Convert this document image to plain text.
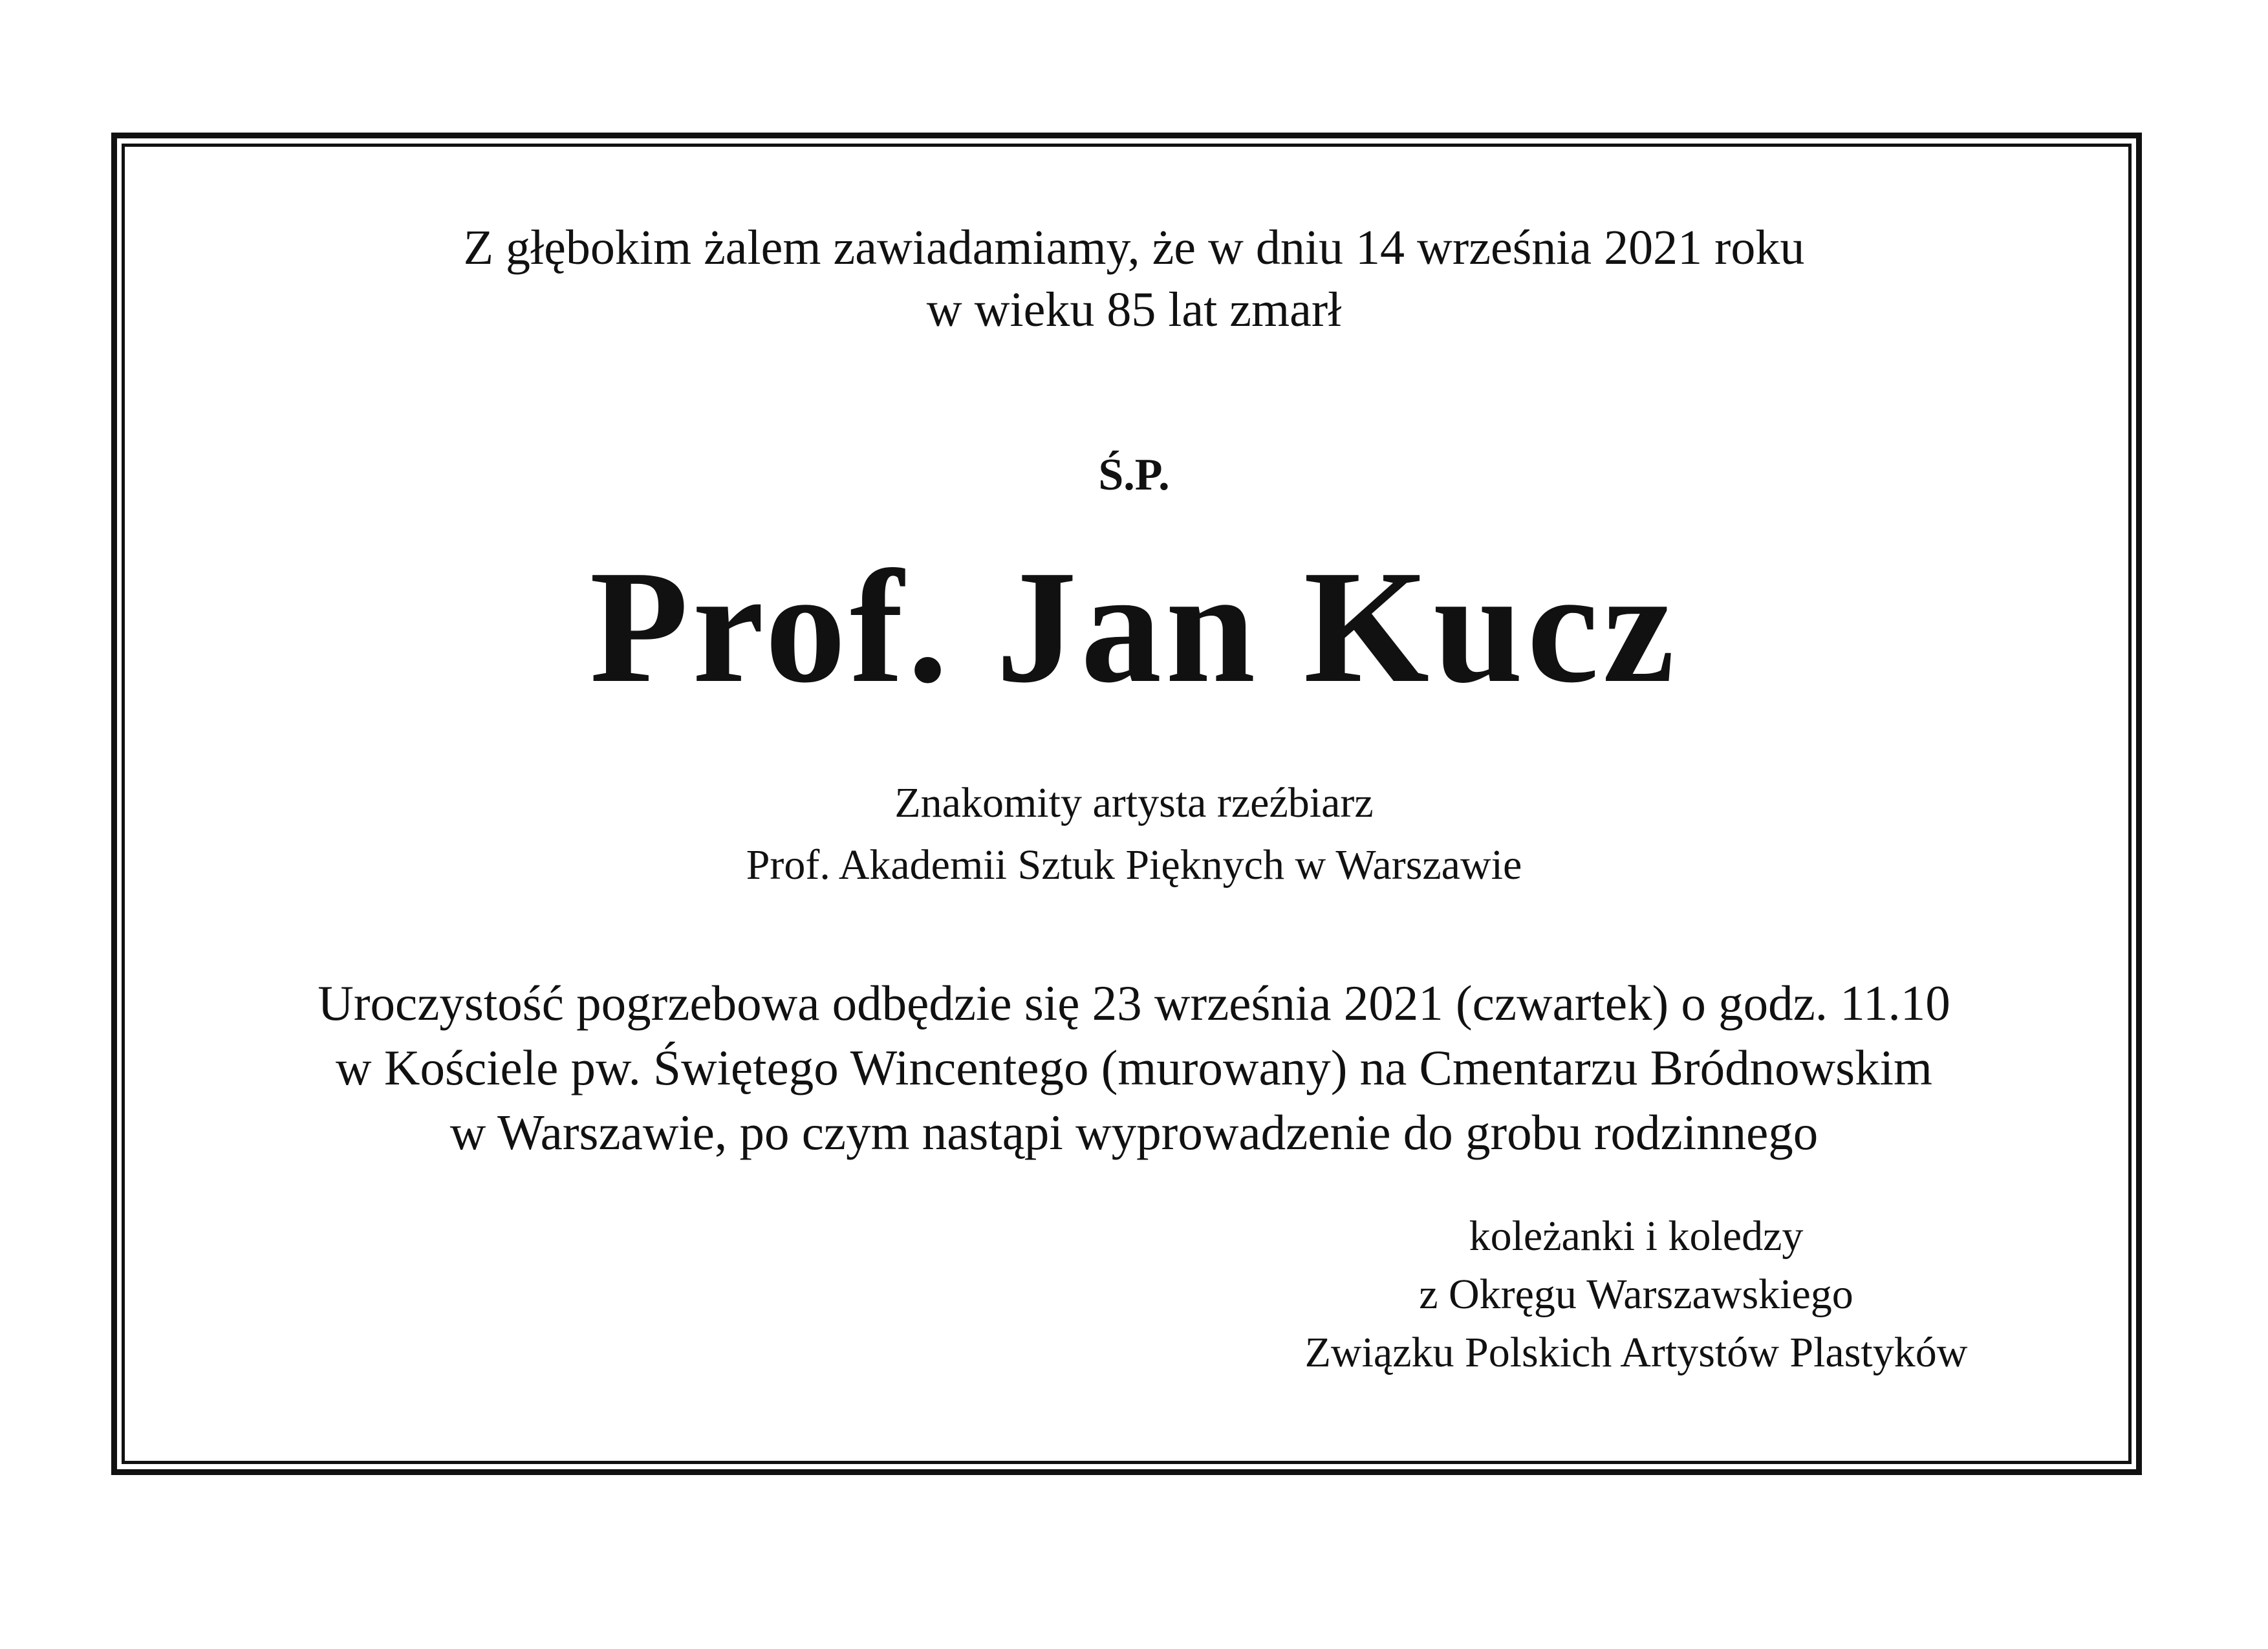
Z głębokim żalem zawiadamiamy, że w dniu 14 września 2021 roku
w wieku 85 lat zmarł
Ś.P.
Prof. Jan Kucz
Znakomity artysta rzeźbiarz
Prof. Akademii Sztuk Pięknych w Warszawie
Uroczystość pogrzebowa odbędzie się 23 września 2021 (czwartek) o godz. 11.10
w Kościele pw. Świętego Wincentego (murowany) na Cmentarzu Bródnowskim
w Warszawie, po czym nastąpi wyprowadzenie do grobu rodzinnego
koleżanki i koledzy
z Okręgu Warszawskiego
Związku Polskich Artystów Plastyków
